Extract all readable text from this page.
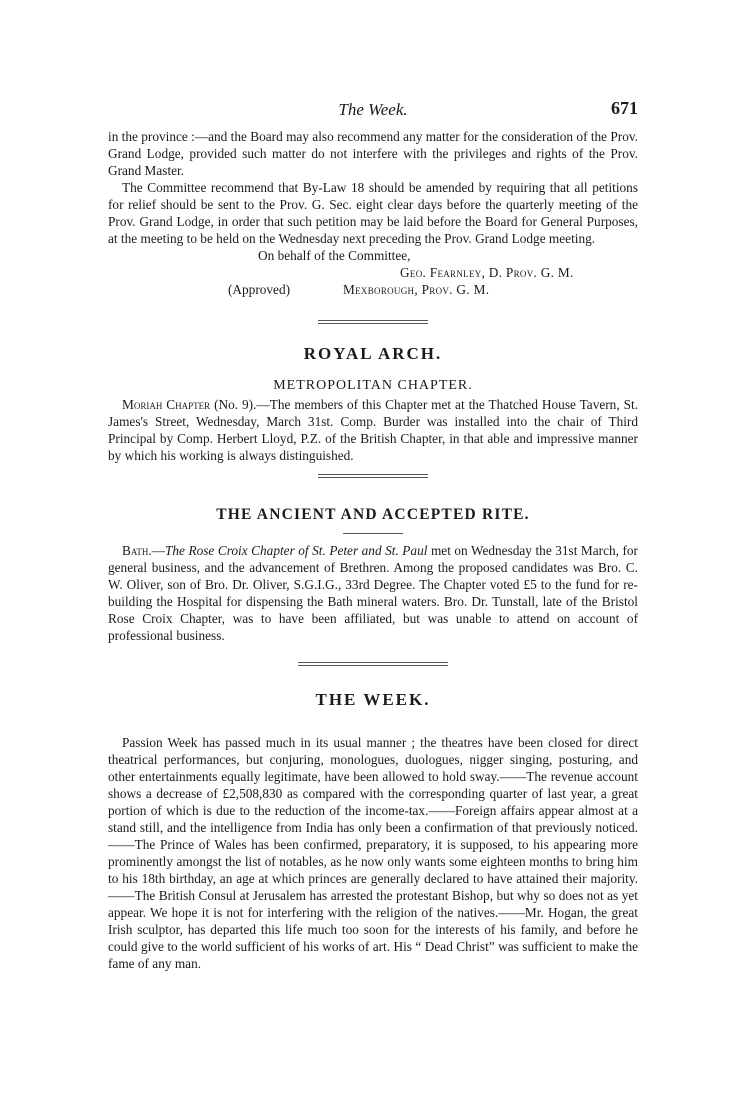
The Week.	671

in the province :—and the Board may also recommend any matter for the consideration of the Prov. Grand Lodge, provided such matter do not interfere with the privileges and rights of the Prov. Grand Master.

The Committee recommend that By-Law 18 should be amended by requiring that all petitions for relief should be sent to the Prov. G. Sec. eight clear days before the quarterly meeting of the Prov. Grand Lodge, in order that such petition may be laid before the Board for General Purposes, at the meeting to be held on the Wednesday next preceding the Prov. Grand Lodge meeting.

On behalf of the Committee,
Geo. Fearnley, D. Prov. G. M.
(Approved)	Mexborough, Prov. G. M.
ROYAL ARCH.
METROPOLITAN CHAPTER.

Moriah Chapter (No. 9).—The members of this Chapter met at the Thatched House Tavern, St. James's Street, Wednesday, March 31st. Comp. Burder was installed into the chair of Third Principal by Comp. Herbert Lloyd, P.Z. of the British Chapter, in that able and impressive manner by which his working is always distinguished.

THE ANCIENT AND ACCEPTED RITE.

Bath.—The Rose Croix Chapter of St. Peter and St. Paul met on Wednesday the 31st March, for general business, and the advancement of Brethren. Among the proposed candidates was Bro. C. W. Oliver, son of Bro. Dr. Oliver, S.G.I.G., 33rd Degree. The Chapter voted £5 to the fund for re-building the Hospital for dispensing the Bath mineral waters. Bro. Dr. Tunstall, late of the Bristol Rose Croix Chapter, was to have been affiliated, but was unable to attend on account of professional business.

THE WEEK.

Passion Week has passed much in its usual manner ; the theatres have been closed for direct theatrical performances, but conjuring, monologues, duologues, nigger singing, posturing, and other entertainments equally legitimate, have been allowed to hold sway.——The revenue account shows a decrease of £2,508,830 as compared with the corresponding quarter of last year, a great portion of which is due to the reduction of the income-tax.——Foreign affairs appear almost at a stand still, and the intelligence from India has only been a confirmation of that previously noticed. ——The Prince of Wales has been confirmed, preparatory, it is supposed, to his appearing more prominently amongst the list of notables, as he now only wants some eighteen months to bring him to his 18th birthday, an age at which princes are generally declared to have attained their majority.——The British Consul at Jerusalem has arrested the protestant Bishop, but why so does not as yet appear. We hope it is not for interfering with the religion of the natives.——Mr. Hogan, the great Irish sculptor, has departed this life much too soon for the interests of his family, and before he could give to the world sufficient of his works of art. His “ Dead Christ” was sufficient to make the fame of any man.
